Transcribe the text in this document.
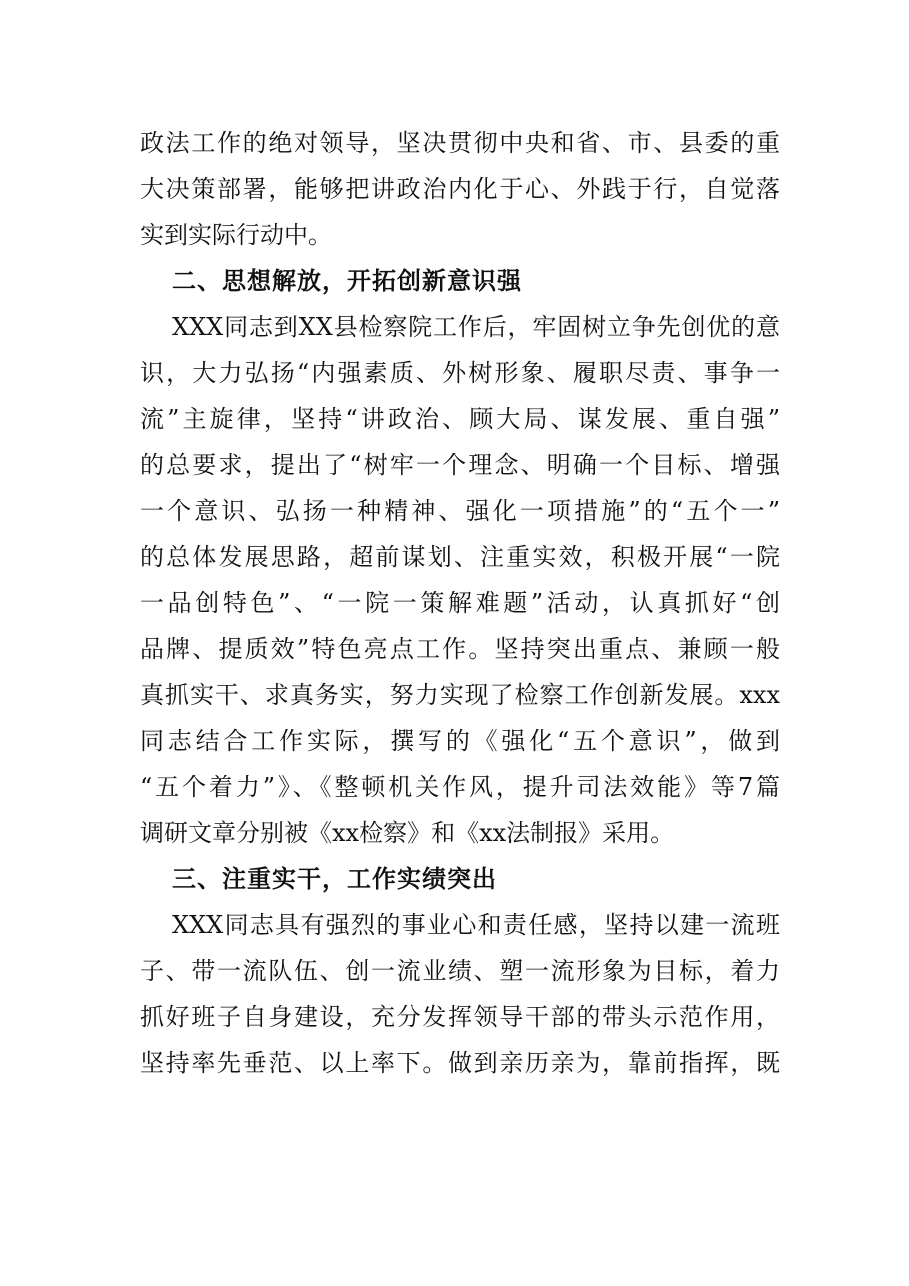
政法工作的绝对领导，坚决贯彻中央和省、市、县委的重
大决策部署，能够把讲政治内化于心、外践于行，自觉落
实到实际行动中。
二、思想解放，开拓创新意识强
XXX同志到XX县检察院工作后，牢固树立争先创优的意
识，大力弘扬“内强素质、外树形象、履职尽责、事争一
流”主旋律，坚持“讲政治、顾大局、谋发展、重自强”
的总要求，提出了“树牢一个理念、明确一个目标、增强
一个意识、弘扬一种精神、强化一项措施”的“五个一”
的总体发展思路，超前谋划、注重实效，积极开展“一院
一品创特色”、“一院一策解难题”活动，认真抓好“创
品牌、提质效”特色亮点工作。坚持突出重点、兼顾一般
真抓实干、求真务实，努力实现了检察工作创新发展。xxx
同志结合工作实际，撰写的《强化“五个意识”，做到
“五个着力”》、《整顿机关作风，提升司法效能》等7篇
调研文章分别被《xx检察》和《xx法制报》采用。
三、注重实干，工作实绩突出
XXX同志具有强烈的事业心和责任感，坚持以建一流班
子、带一流队伍、创一流业绩、塑一流形象为目标，着力
抓好班子自身建设，充分发挥领导干部的带头示范作用，
坚持率先垂范、以上率下。做到亲历亲为，靠前指挥，既
